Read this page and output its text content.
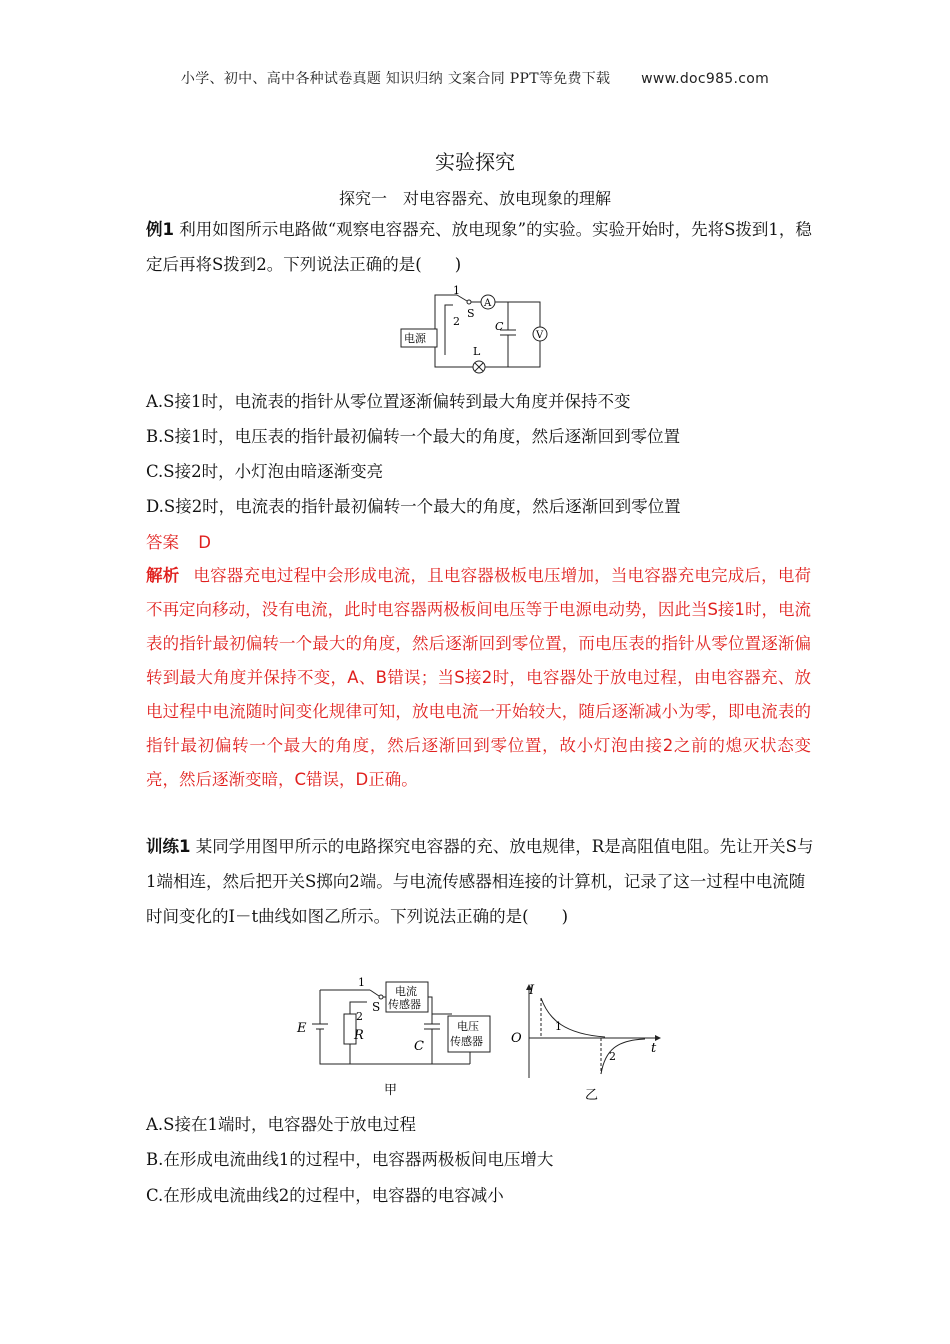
小学、初中、高中各种试卷真题 知识归纳 文案合同 PPT等免费下载 www.doc985.com
实验探究
探究一　对电容器充、放电现象的理解
例1 利用如图所示电路做“观察电容器充、放电现象”的实验。实验开始时，先将S拨到1，稳定后再将S拨到2。下列说法正确的是(　　)
1
2
S
A
V
C
电源
L
A.S接1时，电流表的指针从零位置逐渐偏转到最大角度并保持不变
B.S接1时，电压表的指针最初偏转一个最大的角度，然后逐渐回到零位置
C.S接2时，小灯泡由暗逐渐变亮
D.S接2时，电流表的指针最初偏转一个最大的角度，然后逐渐回到零位置
答案 D
解析 电容器充电过程中会形成电流，且电容器极板电压增加，当电容器充电完成后，电荷不再定向移动，没有电流，此时电容器两极板间电压等于电源电动势，因此当S接1时，电流表的指针最初偏转一个最大的角度，然后逐渐回到零位置，而电压表的指针从零位置逐渐偏转到最大角度并保持不变，A、B错误；当S接2时，电容器处于放电过程，由电容器充、放电过程中电流随时间变化规律可知，放电电流一开始较大，随后逐渐减小为零，即电流表的指针最初偏转一个最大的角度，然后逐渐回到零位置，故小灯泡由接2之前的熄灭状态变亮，然后逐渐变暗，C错误，D正确。
训练1 某同学用图甲所示的电路探究电容器的充、放电规律，R是高阻值电阻。先让开关S与1端相连，然后把开关S掷向2端。与电流传感器相连接的计算机，记录了这一过程中电流随时间变化的I－t曲线如图乙所示。下列说法正确的是(　　)
E	R
C
S
1
2
电流
传感器
电压
传感器
甲
I
t
O
1
2
乙
A.S接在1端时，电容器处于放电过程
B.在形成电流曲线1的过程中，电容器两极板间电压增大
C.在形成电流曲线2的过程中，电容器的电容减小
